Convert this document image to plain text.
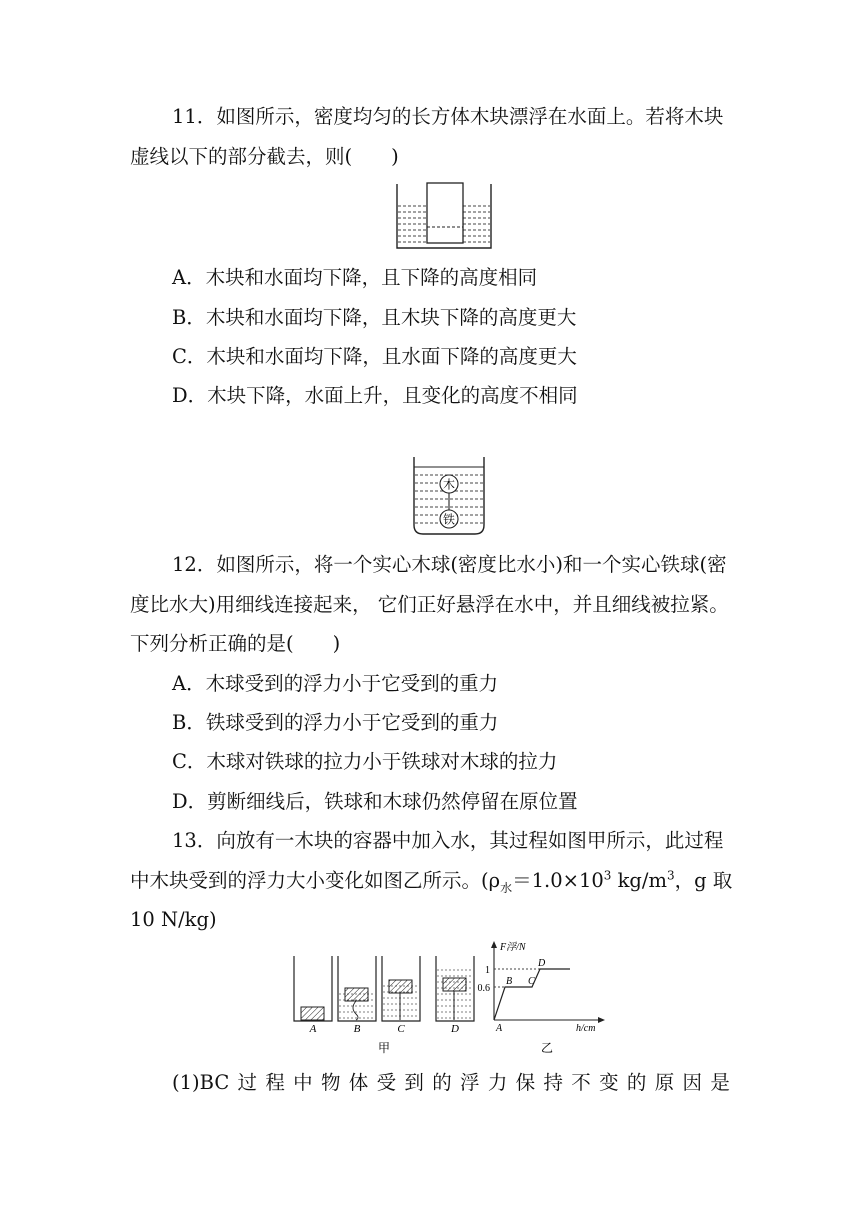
11．如图所示，密度均匀的长方体木块漂浮在水面上。若将木块
虚线以下的部分截去，则(　　)
A．木块和水面均下降，且下降的高度相同
B．木块和水面均下降，且木块下降的高度更大
C．木块和水面均下降，且水面下降的高度更大
D．木块下降，水面上升，且变化的高度不相同
木
铁
12．如图所示，将一个实心木球(密度比水小)和一个实心铁球(密
度比水大)用细线连接起来， 它们正好悬浮在水中，并且细线被拉紧。
下列分析正确的是(　　)
A．木球受到的浮力小于它受到的重力
B．铁球受到的浮力小于它受到的重力
C．木球对铁球的拉力小于铁球对木球的拉力
D．剪断细线后，铁球和木球仍然停留在原位置
13．向放有一木块的容器中加入水，其过程如图甲所示，此过程
中木块受到的浮力大小变化如图乙所示。($\rho_水=1.0\times 10^3$ $kg/m^3$，g 取
10 N/kg)
A	B	C	D
甲
F浮/N
h/cm
1
0.6
A
B C
D
乙
(1)BC 过 程 中 物 体 受 到 的 浮 力 保 持 不 变 的 原 因 是
